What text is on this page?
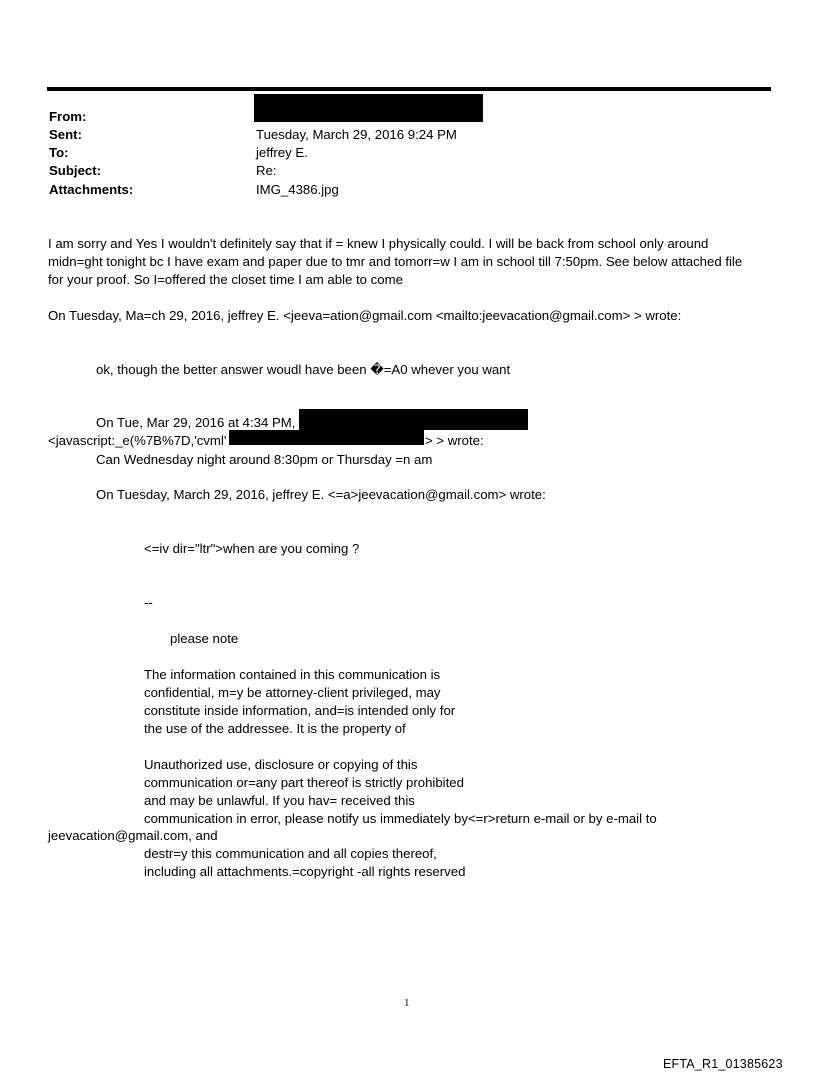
From:
Sent:	Tuesday, March 29, 2016 9:24 PM
To:	jeffrey E.
Subject:	Re:
Attachments:	IMG_4386.jpg
I am sorry and Yes I wouldn't definitely say that if = knew I physically could. I will be back from school only around
midn=ght tonight bc I have exam and paper due to tmr and tomorr=w I am in school till 7:50pm. See below attached file
for your proof. So I=offered the closet time I am able to come
On Tuesday, Ma=ch 29, 2016, jeffrey E. <jeeva=ation@gmail.com <mailto:jeevacation@gmail.com> > wrote:
ok, though the better answer woudl have been �=A0 whever you want
On Tue, Mar 29, 2016 at 4:34 PM,
<javascript:_e(%7B%7D,'cvml'	> > wrote:
Can Wednesday night around 8:30pm or Thursday =n am
On Tuesday, March 29, 2016, jeffrey E. <=a>jeevacation@gmail.com> wrote:
<=iv dir="ltr">when are you coming ?
--
please note
The information contained in this communication is
confidential, m=y be attorney-client privileged, may
constitute inside information, and=is intended only for
the use of the addressee. It is the property of
Unauthorized use, disclosure or copying of this
communication or=any part thereof is strictly prohibited
and may be unlawful. If you hav= received this
communication in error, please notify us immediately by<=r>return e-mail or by e-mail to
jeevacation@gmail.com, and
destr=y this communication and all copies thereof,
including all attachments.=copyright -all rights reserved
1
EFTA_R1_01385623
